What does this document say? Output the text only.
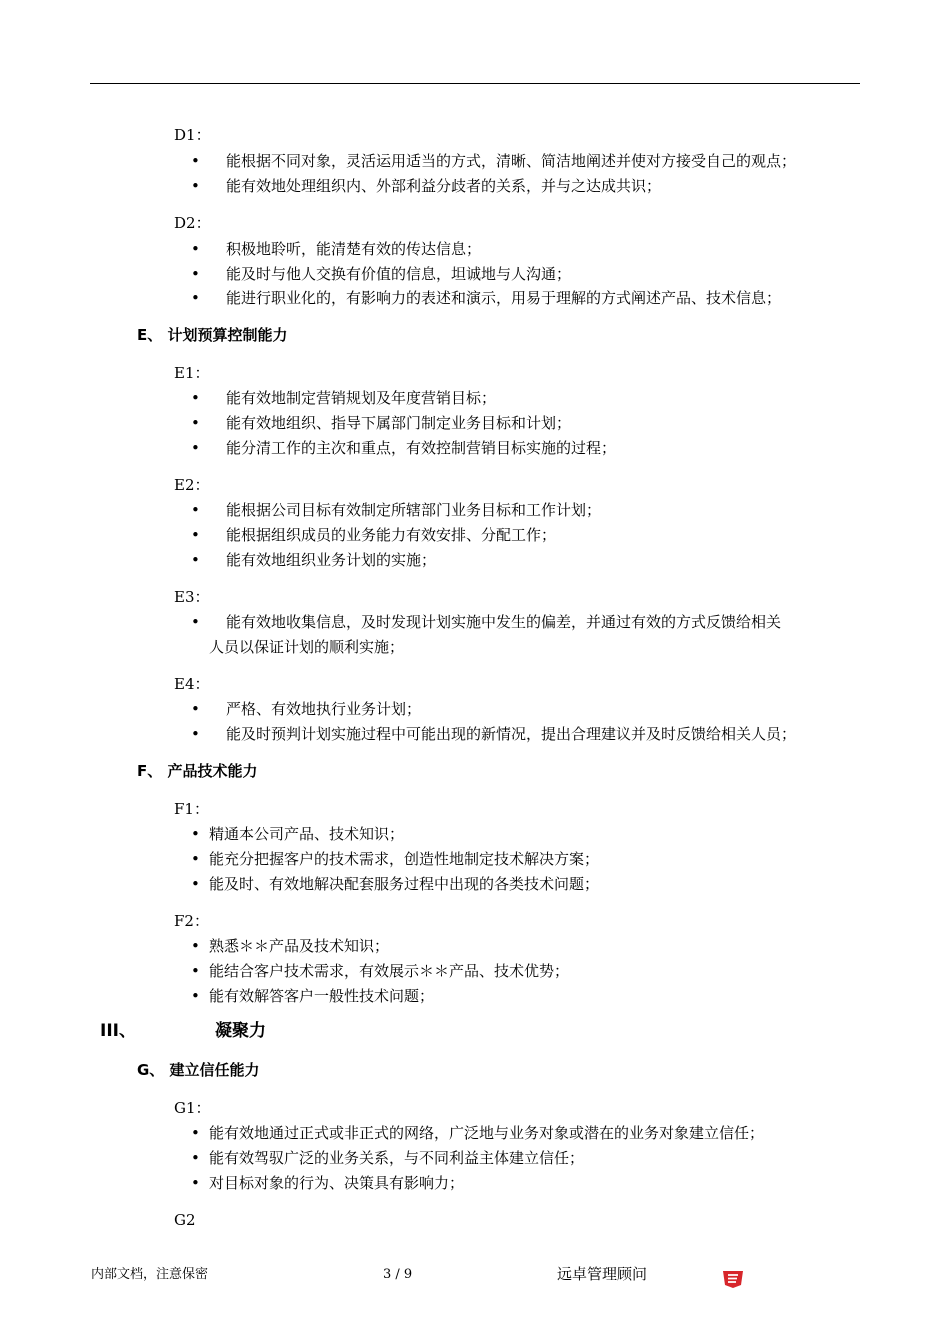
D1：
• 能根据不同对象，灵活运用适当的方式，清晰、简洁地阐述并使对方接受自己的观点；
• 能有效地处理组织内、外部利益分歧者的关系，并与之达成共识；
D2：
• 积极地聆听，能清楚有效的传达信息；
• 能及时与他人交换有价值的信息，坦诚地与人沟通；
• 能进行职业化的，有影响力的表述和演示，用易于理解的方式阐述产品、技术信息；
E、 计划预算控制能力
E1：
• 能有效地制定营销规划及年度营销目标；
• 能有效地组织、指导下属部门制定业务目标和计划；
• 能分清工作的主次和重点，有效控制营销目标实施的过程；
E2：
• 能根据公司目标有效制定所辖部门业务目标和工作计划；
• 能根据组织成员的业务能力有效安排、分配工作；
• 能有效地组织业务计划的实施；
E3：
• 能有效地收集信息，及时发现计划实施中发生的偏差，并通过有效的方式反馈给相关
人员以保证计划的顺利实施；
E4：
• 严格、有效地执行业务计划；
• 能及时预判计划实施过程中可能出现的新情况，提出合理建议并及时反馈给相关人员；
F、 产品技术能力
F1：
• 精通本公司产品、技术知识；
• 能充分把握客户的技术需求，创造性地制定技术解决方案；
• 能及时、有效地解决配套服务过程中出现的各类技术问题；
F2：
• 熟悉＊＊产品及技术知识；
• 能结合客户技术需求，有效展示＊＊产品、技术优势；
• 能有效解答客户一般性技术问题；
III、	凝聚力
G、 建立信任能力
G1：
• 能有效地通过正式或非正式的网络，广泛地与业务对象或潜在的业务对象建立信任；
• 能有效驾驭广泛的业务关系，与不同利益主体建立信任；
• 对目标对象的行为、决策具有影响力；
G2
内部文档，注意保密	3 / 9	远卓管理顾问
